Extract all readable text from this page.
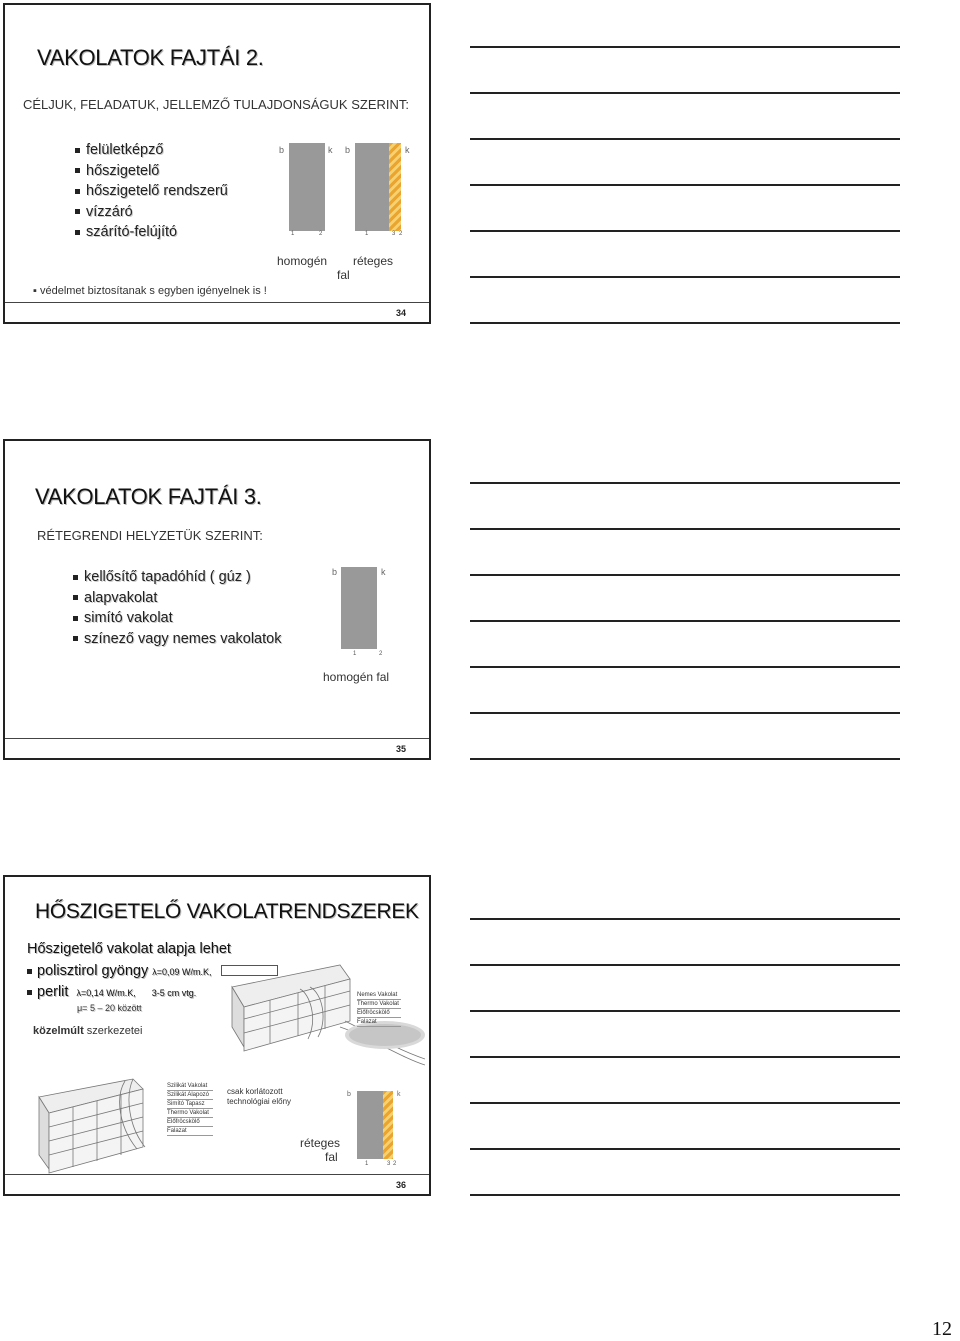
VAKOLATOK FAJTÁI 2.
CÉLJUK, FELADATUK, JELLEMZŐ TULAJDONSÁGUK SZERINT:
felületképző
hőszigetelő
hőszigetelő rendszerű
vízzáró
szárító-felújító
b	k
1	2
b	k
1	3 2
homogén réteges
fal
▪ védelmet biztosítanak s egyben igényelnek is !
34
VAKOLATOK FAJTÁI 3.
RÉTEGRENDI HELYZETÜK SZERINT:
kellősítő tapadóhíd ( gúz )
alapvakolat
simító vakolat
színező vagy nemes vakolatok
b	k
1	2
homogén fal
35
HŐSZIGETELŐ VAKOLATRENDSZEREK
Hőszigetelő vakolat alapja lehet
polisztirol gyöngy λ=0,09 W/m.K,
perlit λ=0,14 W/m.K, 3-5 cm vtg.
μ= 5 – 20 között
közelmúlt szerkezetei
Nemes Vakolat
Thermo Vakolat
Előfröcskölő
Falazat
Szilikát Vakolat
Szilikát Alapozó
Simító Tapasz
Thermo Vakolat
Előfröcskölő
Falazat
csak korlátozott
technológiai előny
b	k
1	3 2
réteges
fal
36
12
